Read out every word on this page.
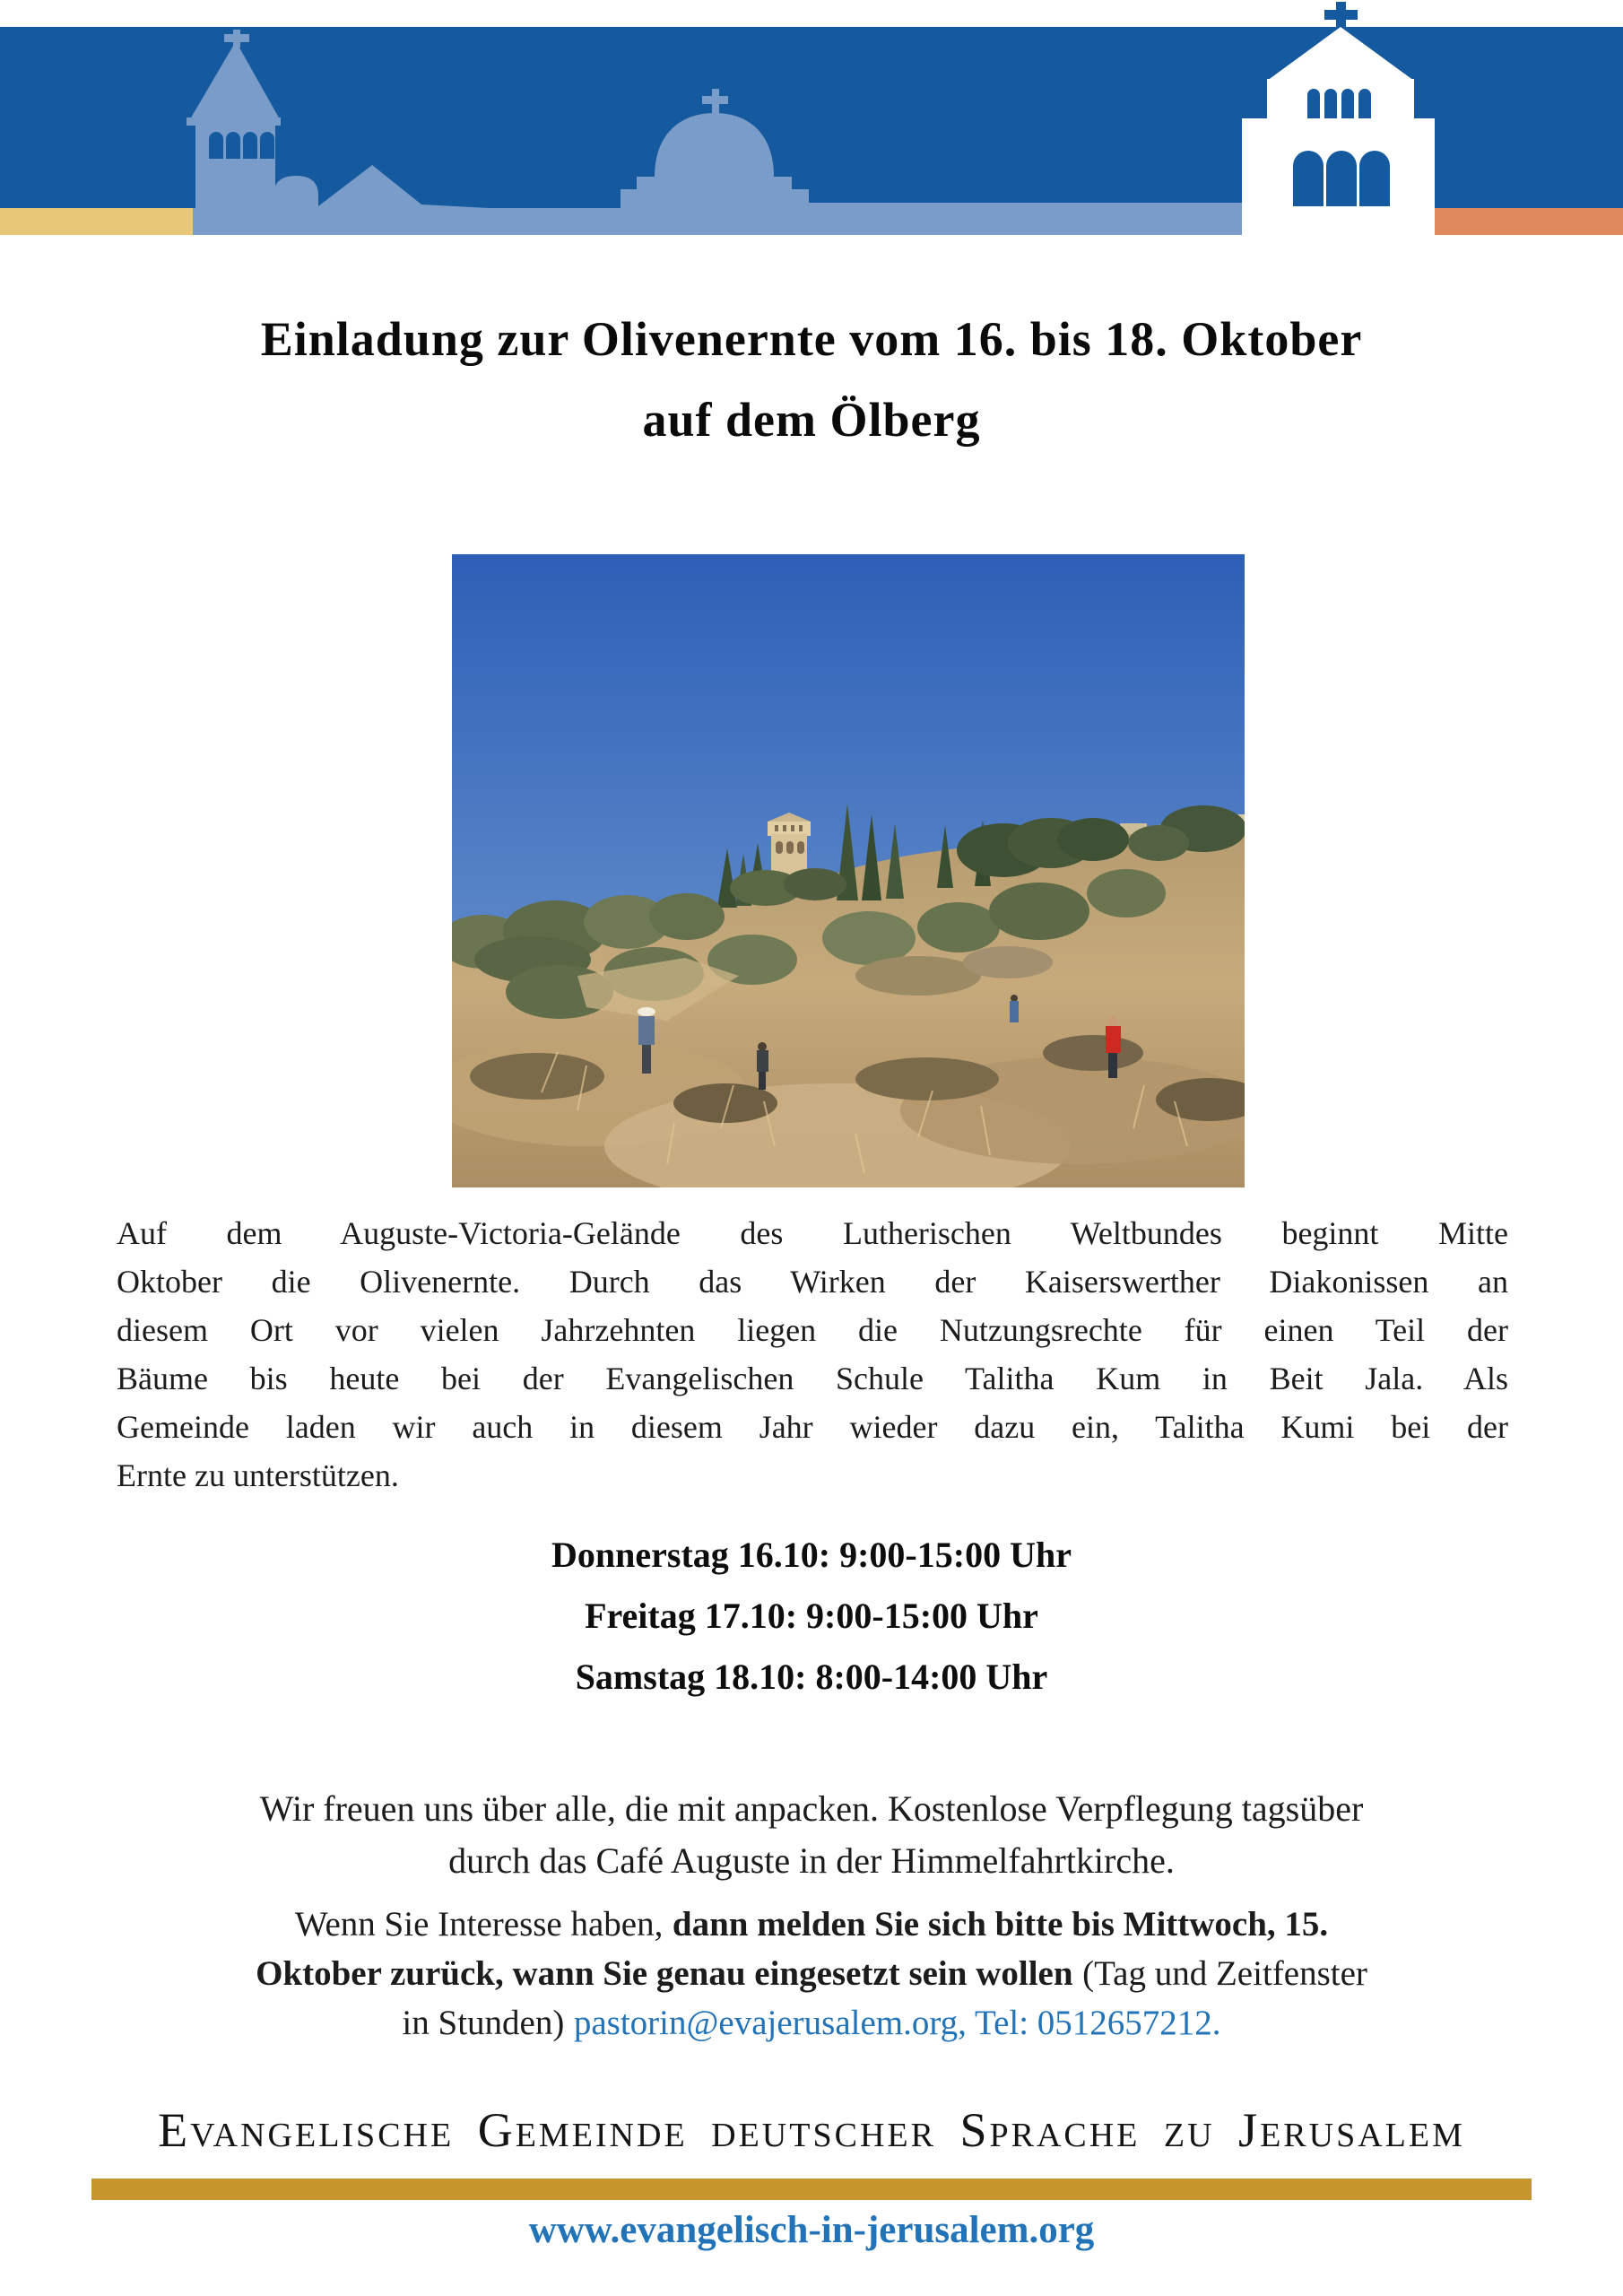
Einladung zur Olivenernte vom 16. bis 18. Oktober
auf dem Ölberg
Auf dem Auguste-Victoria-Gelände des Lutherischen Weltbundes beginnt Mitte
Oktober die Olivenernte. Durch das Wirken der Kaiserswerther Diakonissen an
diesem Ort vor vielen Jahrzehnten liegen die Nutzungsrechte für einen Teil der
Bäume bis heute bei der Evangelischen Schule Talitha Kum in Beit Jala. Als
Gemeinde laden wir auch in diesem Jahr wieder dazu ein, Talitha Kumi bei der
Ernte zu unterstützen.
Donnerstag 16.10: 9:00-15:00 Uhr
Freitag 17.10: 9:00-15:00 Uhr
Samstag 18.10: 8:00-14:00 Uhr
Wir freuen uns über alle, die mit anpacken. Kostenlose Verpflegung tagsüber
durch das Café Auguste in der Himmelfahrtkirche.
Wenn Sie Interesse haben, dann melden Sie sich bitte bis Mittwoch, 15.
Oktober zurück, wann Sie genau eingesetzt sein wollen (Tag und Zeitfenster
in Stunden) pastorin@evajerusalem.org, Tel: 0512657212.
Evangelische Gemeinde deutscher Sprache zu Jerusalem
www.evangelisch-in-jerusalem.org
